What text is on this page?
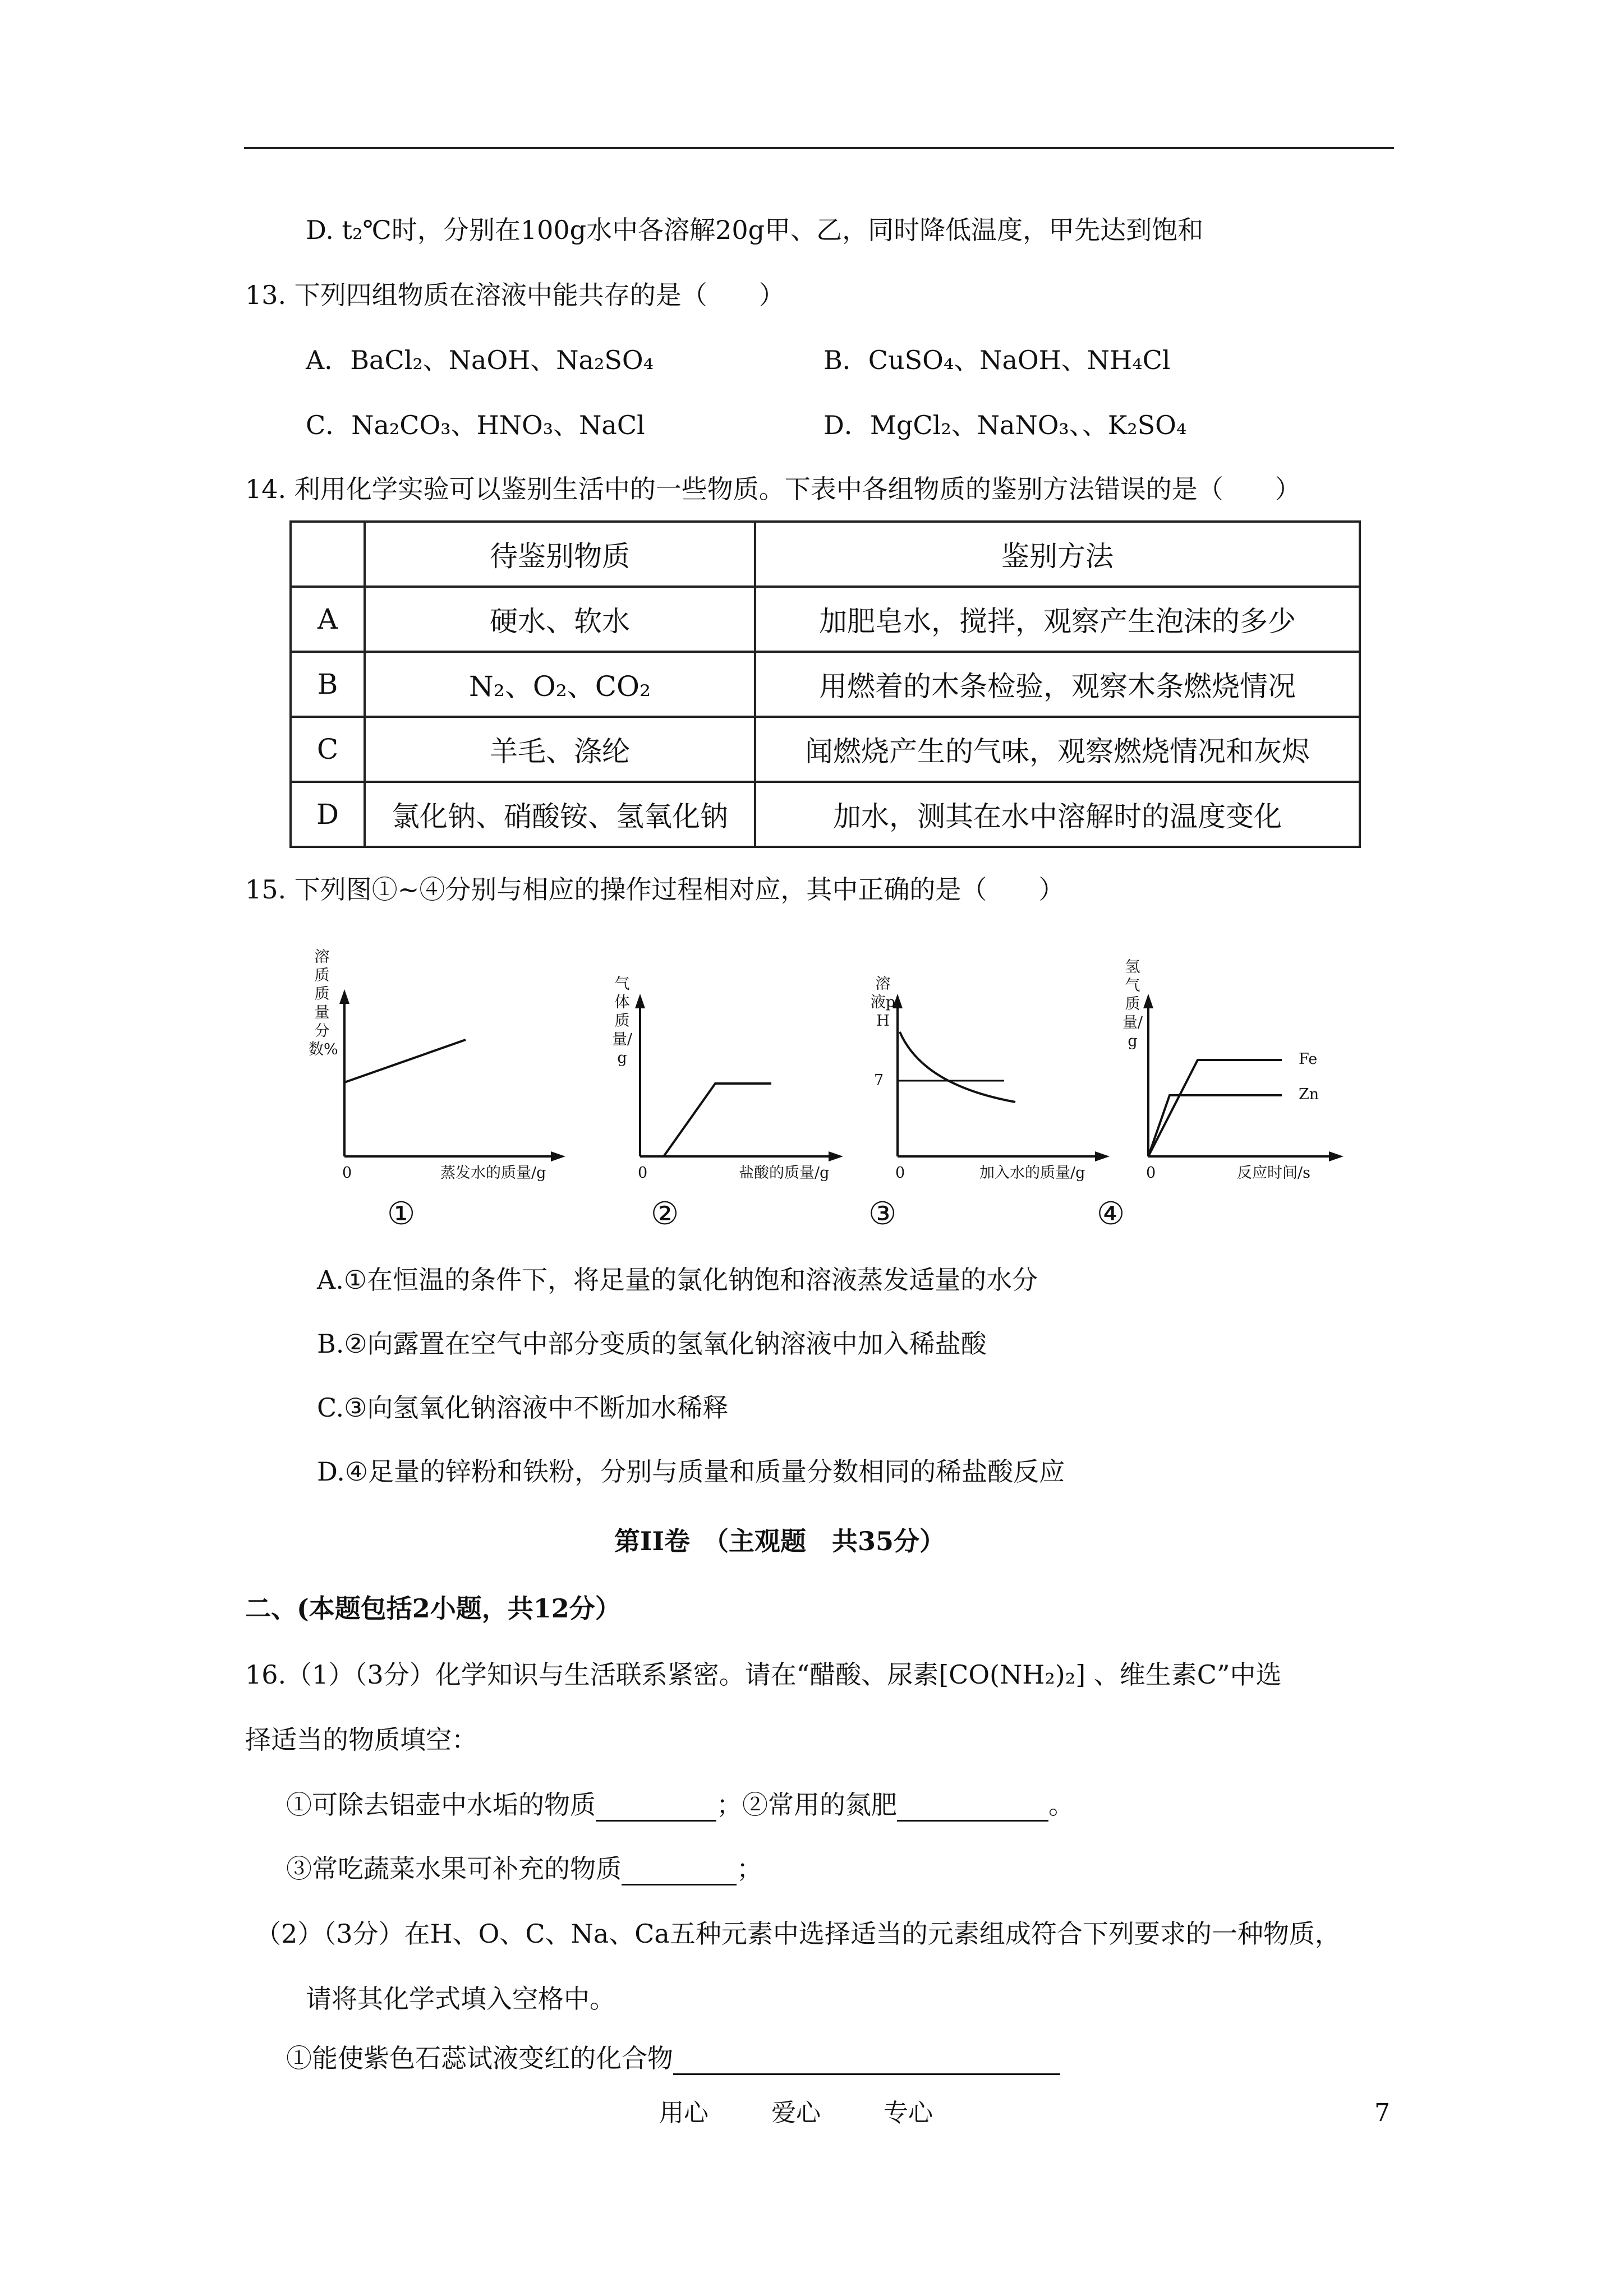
D. t₂℃时，分别在100g水中各溶解20g甲、乙，同时降低温度，甲先达到饱和
13. 下列四组物质在溶液中能共存的是（　　）
A．BaCl₂、NaOH、Na₂SO₄	B．CuSO₄、NaOH、NH₄Cl
C．Na₂CO₃、HNO₃、NaCl	D．MgCl₂、NaNO₃、、K₂SO₄
14. 利用化学实验可以鉴别生活中的一些物质。下表中各组物质的鉴别方法错误的是（　　）
	待鉴别物质	鉴别方法
A	硬水、软水	加肥皂水，搅拌，观察产生泡沫的多少
B	N₂、O₂、CO₂	用燃着的木条检验，观察木条燃烧情况
C	羊毛、涤纶	闻燃烧产生的气味，观察燃烧情况和灰烬
D	氯化钠、硝酸铵、氢氧化钠	加水，测其在水中溶解时的温度变化
15. 下列图①~④分别与相应的操作过程相对应，其中正确的是（　　）
溶质质量分数%
0	蒸发水的质量/g
①
气体质量/g
0	盐酸的质量/g
②
溶液pH
7
0	加入水的质量/g
③
氢气质量/g
Fe
Zn
0	反应时间/s
④
A.①在恒温的条件下，将足量的氯化钠饱和溶液蒸发适量的水分
B.②向露置在空气中部分变质的氢氧化钠溶液中加入稀盐酸
C.③向氢氧化钠溶液中不断加水稀释
D.④足量的锌粉和铁粉，分别与质量和质量分数相同的稀盐酸反应
第II卷　（主观题　共35分）
二、(本题包括2小题，共12分）
16.（1）（3分）化学知识与生活联系紧密。请在“醋酸、尿素[CO(NH₂)₂] 、维生素C”中选
择适当的物质填空：
①可除去铝壶中水垢的物质	；②常用的氮肥	。
③常吃蔬菜水果可补充的物质	；
（2）（3分）在H、O、C、Na、Ca五种元素中选择适当的元素组成符合下列要求的一种物质，
请将其化学式填入空格中。
①能使紫色石蕊试液变红的化合物
用心	爱心	专心	7
